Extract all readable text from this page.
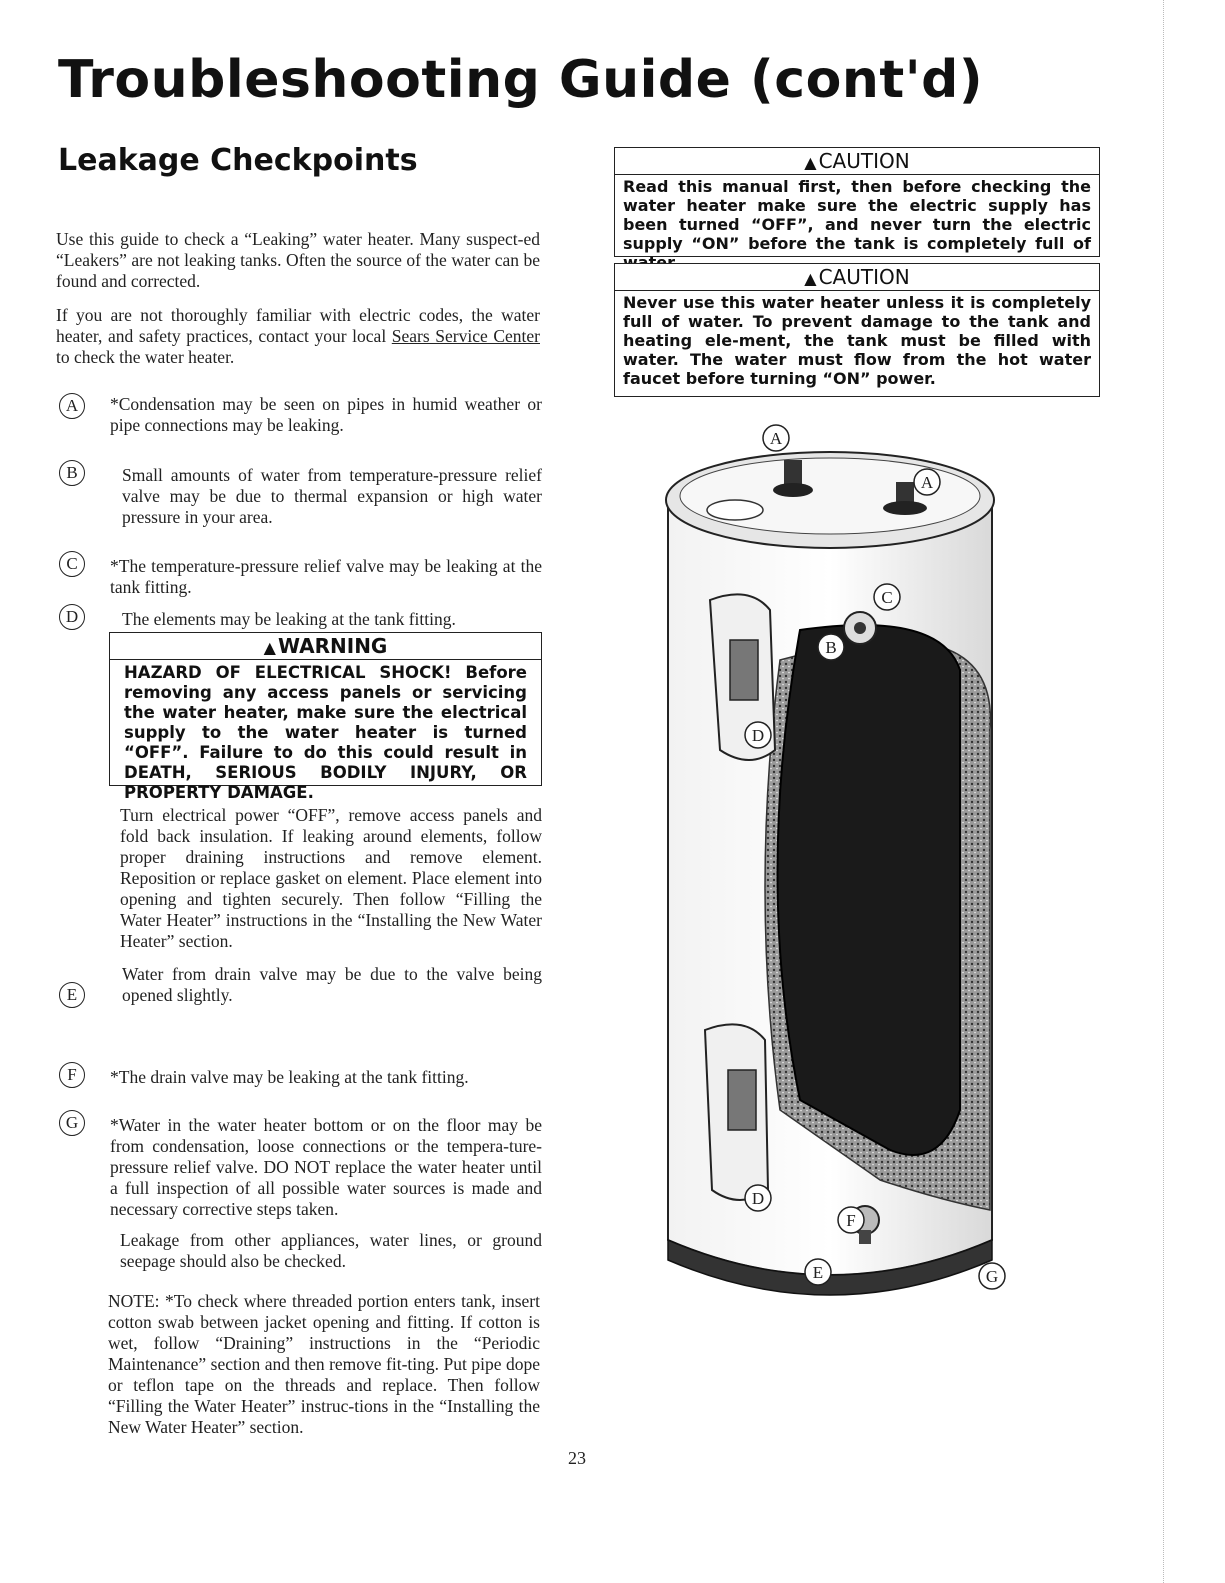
Troubleshooting Guide (cont'd)
Leakage Checkpoints

Use this guide to check a “Leaking” water heater. Many suspect-ed “Leakers” are not leaking tanks. Often the source of the water can be found and corrected.

If you are not thoroughly familiar with electric codes, the water heater, and safety practices, contact your local Sears Service Center to check the water heater.

A	*Condensation may be seen on pipes in humid weather or pipe connections may be leaking.

B	Small amounts of water from temperature-pressure relief valve may be due to thermal expansion or high water pressure in your area.

C	*The temperature-pressure relief valve may be leaking at the tank fitting.

D	The elements may be leaking at the tank fitting.

▲ WARNING
HAZARD OF ELECTRICAL SHOCK! Before removing any access panels or servicing the water heater, make sure the electrical supply to the water heater is turned “OFF”. Failure to do this could result in DEATH, SERIOUS BODILY INJURY, OR PROPERTY DAMAGE.

Turn electrical power “OFF”, remove access panels and fold back insulation. If leaking around elements, follow proper draining instructions and remove element. Reposition or replace gasket on element. Place element into opening and tighten securely. Then follow “Filling the Water Heater” instructions in the “Installing the New Water Heater” section.

E

Water from drain valve may be due to the valve being opened slightly.

F	*The drain valve may be leaking at the tank fitting.

G	*Water in the water heater bottom or on the floor may be from condensation, loose connections or the tempera-ture-pressure relief valve. DO NOT replace the water heater until a full inspection of all possible water sources is made and necessary corrective steps taken.

Leakage from other appliances, water lines, or ground seepage should also be checked.

NOTE: *To check where threaded portion enters tank, insert cotton swab between jacket opening and fitting. If cotton is wet, follow “Draining” instructions in the “Periodic Maintenance” section and then remove fit-ting. Put pipe dope or teflon tape on the threads and replace. Then follow “Filling the Water Heater” instruc-tions in the “Installing the New Water Heater” section.

▲ CAUTION
Read this manual first, then before checking the water heater make sure the electric supply has been turned “OFF”, and never turn the electric supply “ON” before the tank is completely full of
▲ CAUTION
Never use this water heater unless it is completely full of water. To prevent damage to the tank and heating ele-ment, the tank must be filled with water. The water must flow from the hot water faucet before turning “ON” power.
A
A
C
B
D
D
F
E	G
23
